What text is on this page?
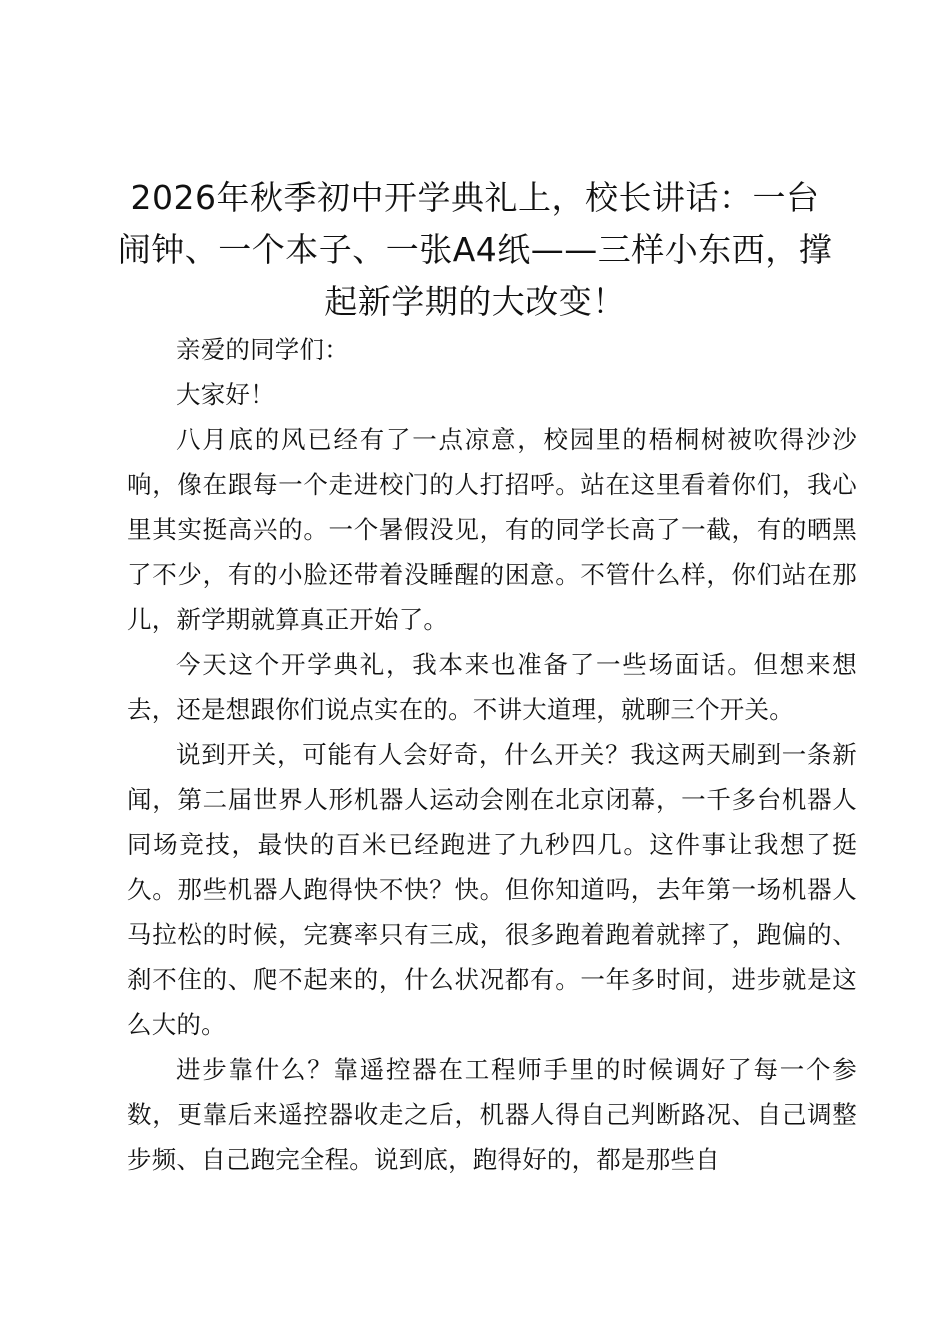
2026年秋季初中开学典礼上，校长讲话：一台闹钟、一个本子、一张A4纸——三样小东西，撑起新学期的大改变！

亲爱的同学们：

大家好！

八月底的风已经有了一点凉意，校园里的梧桐树被吹得沙沙响，像在跟每一个走进校门的人打招呼。站在这里看着你们，我心里其实挺高兴的。一个暑假没见，有的同学长高了一截，有的晒黑了不少，有的小脸还带着没睡醒的困意。不管什么样，你们站在那儿，新学期就算真正开始了。

今天这个开学典礼，我本来也准备了一些场面话。但想来想去，还是想跟你们说点实在的。不讲大道理，就聊三个开关。

说到开关，可能有人会好奇，什么开关？我这两天刷到一条新闻，第二届世界人形机器人运动会刚在北京闭幕，一千多台机器人同场竞技，最快的百米已经跑进了九秒四几。这件事让我想了挺久。那些机器人跑得快不快？快。但你知道吗，去年第一场机器人马拉松的时候，完赛率只有三成，很多跑着跑着就摔了，跑偏的、刹不住的、爬不起来的，什么状况都有。一年多时间，进步就是这么大的。

进步靠什么？靠遥控器在工程师手里的时候调好了每一个参数，更靠后来遥控器收走之后，机器人得自己判断路况、自己调整步频、自己跑完全程。说到底，跑得好的，都是那些自
